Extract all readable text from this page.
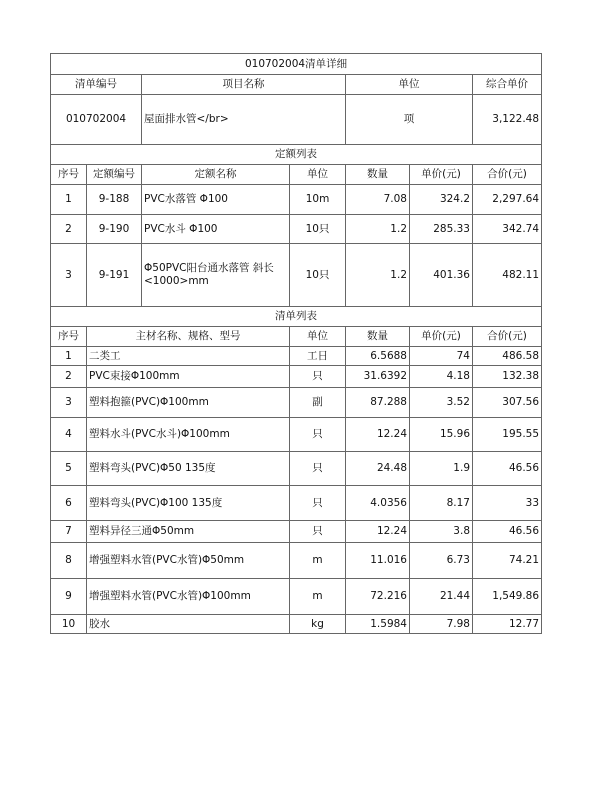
010702004清单详细						
清单编号		项目名称		单位		综合单价
010702004		屋面排水管</br>		项		3,122.48
定额列表						
序号	定额编号	定额名称	单位	数量	单价(元)	合价(元)
1	9-188	PVC水落管 Φ100	10m	7.08	324.2	2,297.64
2	9-190	PVC水斗 Φ100	10只	1.2	285.33	342.74
3	9-191	Φ50PVC阳台通水落管 斜长<1000>mm	10只	1.2	401.36	482.11
清单列表						
序号	主材名称、规格、型号		单位	数量	单价(元)	合价(元)
1	二类工		工日	6.5688	74	486.58
2	PVC束接Φ100mm		只	31.6392	4.18	132.38
3	塑料抱箍(PVC)Φ100mm		副	87.288	3.52	307.56
4	塑料水斗(PVC水斗)Φ100mm		只	12.24	15.96	195.55
5	塑料弯头(PVC)Φ50 135度		只	24.48	1.9	46.56
6	塑料弯头(PVC)Φ100 135度		只	4.0356	8.17	33
7	塑料异径三通Φ50mm		只	12.24	3.8	46.56
8	增强塑料水管(PVC水管)Φ50mm		m	11.016	6.73	74.21
9	增强塑料水管(PVC水管)Φ100mm		m	72.216	21.44	1,549.86
10	胶水		kg	1.5984	7.98	12.77
